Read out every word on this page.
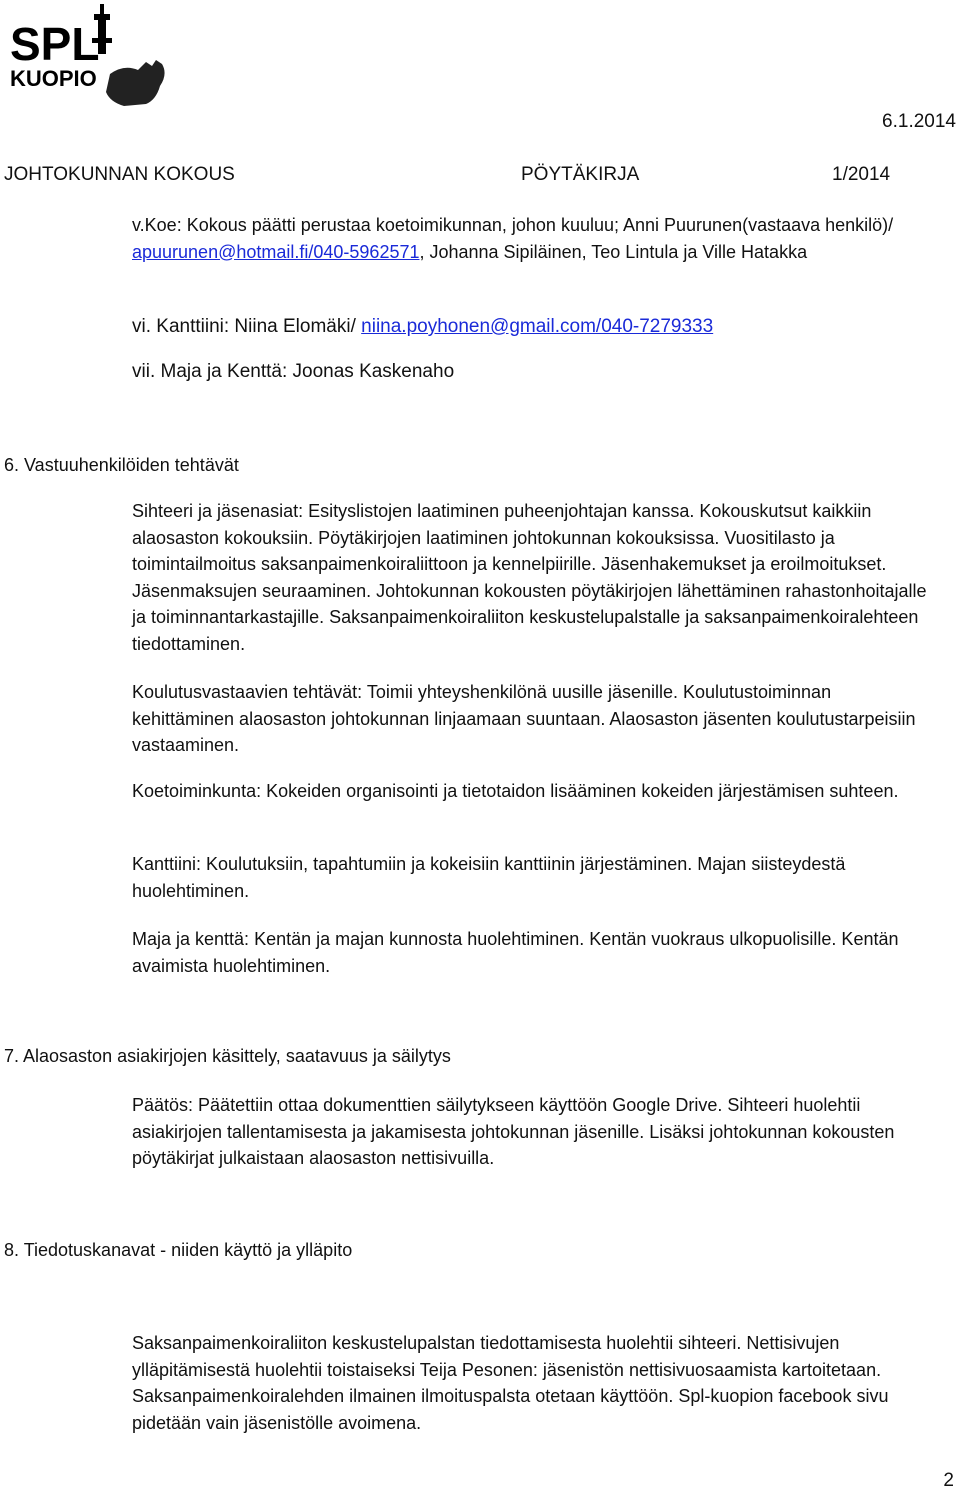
SPL
KUOPIO
6.1.2014
JOHTOKUNNAN KOKOUS	PÖYTÄKIRJA	1/2014
v.Koe: Kokous päätti perustaa koetoimikunnan, johon kuuluu; Anni Puurunen(vastaava henkilö)/ apuurunen@hotmail.fi/040-5962571, Johanna Sipiläinen, Teo Lintula ja Ville Hatakka
vi. Kanttiini: Niina Elomäki/ niina.poyhonen@gmail.com/040-7279333
vii. Maja ja Kenttä: Joonas Kaskenaho
6. Vastuuhenkilöiden tehtävät
Sihteeri ja jäsenasiat: Esityslistojen laatiminen puheenjohtajan kanssa. Kokouskutsut kaikkiin alaosaston kokouksiin. Pöytäkirjojen laatiminen johtokunnan kokouksissa. Vuositilasto ja toimintailmoitus saksanpaimenkoiraliittoon ja kennelpiirille. Jäsenhakemukset ja eroilmoitukset. Jäsenmaksujen seuraaminen. Johtokunnan kokousten pöytäkirjojen lähettäminen rahastonhoitajalle ja toiminnantarkastajille. Saksanpaimenkoiraliiton keskustelupalstalle ja saksanpaimenkoiralehteen tiedottaminen.
Koulutusvastaavien tehtävät: Toimii yhteyshenkilönä uusille jäsenille. Koulutustoiminnan kehittäminen alaosaston johtokunnan linjaamaan suuntaan. Alaosaston jäsenten koulutustarpeisiin vastaaminen.
Koetoiminkunta: Kokeiden organisointi ja tietotaidon lisääminen kokeiden järjestämisen suhteen.
Kanttiini: Koulutuksiin, tapahtumiin ja kokeisiin kanttiinin järjestäminen. Majan siisteydestä huolehtiminen.
Maja ja kenttä: Kentän ja majan kunnosta huolehtiminen. Kentän vuokraus ulkopuolisille. Kentän avaimista huolehtiminen.
7. Alaosaston asiakirjojen käsittely, saatavuus ja säilytys
Päätös: Päätettiin ottaa dokumenttien säilytykseen käyttöön Google Drive. Sihteeri huolehtii asiakirjojen tallentamisesta ja jakamisesta johtokunnan jäsenille. Lisäksi johtokunnan kokousten pöytäkirjat julkaistaan alaosaston nettisivuilla.
8. Tiedotuskanavat - niiden käyttö ja ylläpito
Saksanpaimenkoiraliiton keskustelupalstan tiedottamisesta huolehtii sihteeri. Nettisivujen ylläpitämisestä huolehtii toistaiseksi Teija Pesonen: jäsenistön nettisivuosaamista kartoitetaan. Saksanpaimenkoiralehden ilmainen ilmoituspalsta otetaan käyttöön. Spl-kuopion facebook sivu pidetään vain jäsenistölle avoimena.
2
